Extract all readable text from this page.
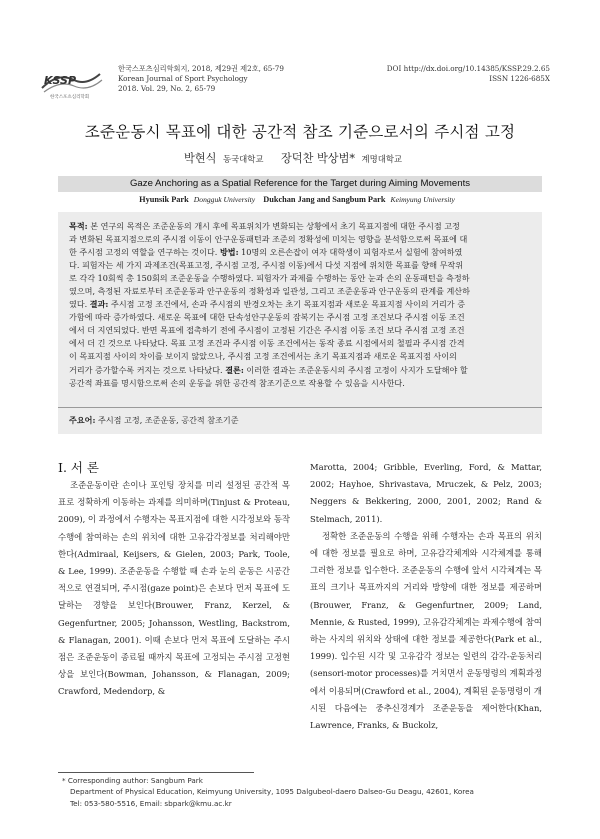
KSSP
한국스포츠심리학회
한국스포츠심리학회지, 2018, 제29권 제2호, 65-79
Korean Journal of Sport Psychology
2018. Vol. 29, No. 2, 65-79
DOI http://dx.doi.org/10.14385/KSSP.29.2.65
ISSN 1226-685X
조준운동시 목표에 대한 공간적 참조 기준으로서의 주시점 고정
박현식 동국대학교 장덕찬 박상범* 계명대학교
Gaze Anchoring as a Spatial Reference for the Target during Aiming Movements
Hyunsik Park Dongguk University Dukchan Jang and Sangbum Park Keimyung University
목적: 본 연구의 목적은 조준운동의 개시 후에 목표위치가 변화되는 상황에서 초기 목표지점에 대한 주시점 고정
과 변화된 목표지점으로의 주시점 이동이 안구운동패턴과 조준의 정확성에 미치는 영향을 분석함으로써 목표에 대
한 주시점 고정의 역할을 연구하는 것이다. 방법: 10명의 오른손잡이 여자 대학생이 피험자로서 실험에 참여하였
다. 피험자는 세 가지 과제조건(목표고정, 주시점 고정, 주시점 이동)에서 다섯 지점에 위치한 목표를 향해 무작위
로 각각 10회씩 총 150회의 조준운동을 수행하였다. 피험자가 과제를 수행하는 동안 눈과 손의 운동패턴을 측정하
였으며, 측정된 자료로부터 조준운동과 안구운동의 정확성과 일관성, 그리고 조준운동과 안구운동의 관계를 계산하
였다. 결과: 주시점 고정 조건에서, 손과 주시점의 반경오차는 초기 목표지점과 새로운 목표지점 사이의 거리가 증
가함에 따라 증가하였다. 새로운 목표에 대한 단속성안구운동의 잠복기는 주시점 고정 조건보다 주시점 이동 조건
에서 더 지연되었다. 반면 목표에 접촉하기 전에 주시점이 고정된 기간은 주시점 이동 조건 보다 주시점 고정 조건
에서 더 긴 것으로 나타났다. 목표 고정 조건과 주시점 이동 조건에서는 동작 종료 시점에서의 철필과 주시점 간격
이 목표지점 사이의 차이를 보이지 않았으나, 주시점 고정 조건에서는 초기 목표지점과 새로운 목표지점 사이의
거리가 증가할수록 커지는 것으로 나타났다. 결론: 이러한 결과는 조준운동시의 주시점 고정이 사지가 도달해야 할
공간적 좌표를 명시함으로써 손의 운동을 위한 공간적 참조기준으로 작용할 수 있음을 시사한다.
주요어: 주시점 고정, 조준운동, 공간적 참조기준
Ⅰ. 서 론

조준운동이란 손이나 포인팅 장치를 미리 설정된 공간적 목표로 정확하게 이동하는 과제를 의미하며(Tinjust & Proteau, 2009), 이 과정에서 수행자는 목표지점에 대한 시각정보와 동작수행에 참여하는 손의 위치에 대한 고유감각정보를 처리해야만 한다(Admiraal, Keijsers, & Gielen, 2003; Park, Toole, & Lee, 1999). 조준운동을 수행할 때 손과 눈의 운동은 시공간적으로 연결되며, 주시점(gaze point)은 손보다 먼저 목표에 도달하는 경향을 보인다(Brouwer, Franz, Kerzel, & Gegenfurtner, 2005; Johansson, Westling, Backstrom, & Flanagan, 2001). 이때 손보다 먼저 목표에 도달하는 주시점은 조준운동이 종료될 때까지 목표에 고정되는 주시점 고정현상을 보인다(Bowman, Johansson, & Flanagan, 2009; Crawford, Medendorp, &

Marotta, 2004; Gribble, Everling, Ford, & Mattar, 2002; Hayhoe, Shrivastava, Mruczek, & Pelz, 2003; Neggers & Bekkering, 2000, 2001, 2002; Rand & Stelmach, 2011).

정확한 조준운동의 수행을 위해 수행자는 손과 목표의 위치에 대한 정보를 필요로 하며, 고유감각체계와 시각체계를 통해 그러한 정보를 입수한다. 조준운동의 수행에 앞서 시각체계는 목표의 크기나 목표까지의 거리와 방향에 대한 정보를 제공하며(Brouwer, Franz, & Gegenfurtner, 2009; Land, Mennie, & Rusted, 1999), 고유감각체계는 과제수행에 참여하는 사지의 위치와 상태에 대한 정보를 제공한다(Park et al., 1999). 입수된 시각 및 고유감각 정보는 일련의 감각-운동처리(sensori-motor processes)를 거치면서 운동명령의 계획과정에서 이용되며(Crawford et al., 2004), 계획된 운동명령이 개시된 다음에는 중추신경계가 조준운동을 제어한다(Khan, Lawrence, Franks, & Buckolz,

* Corresponding author: Sangbum Park
Department of Physical Education, Keimyung University, 1095 Dalgubeol-daero Dalseo-Gu Deagu, 42601, Korea
Tel: 053-580-5516, Email: sbpark@kmu.ac.kr
